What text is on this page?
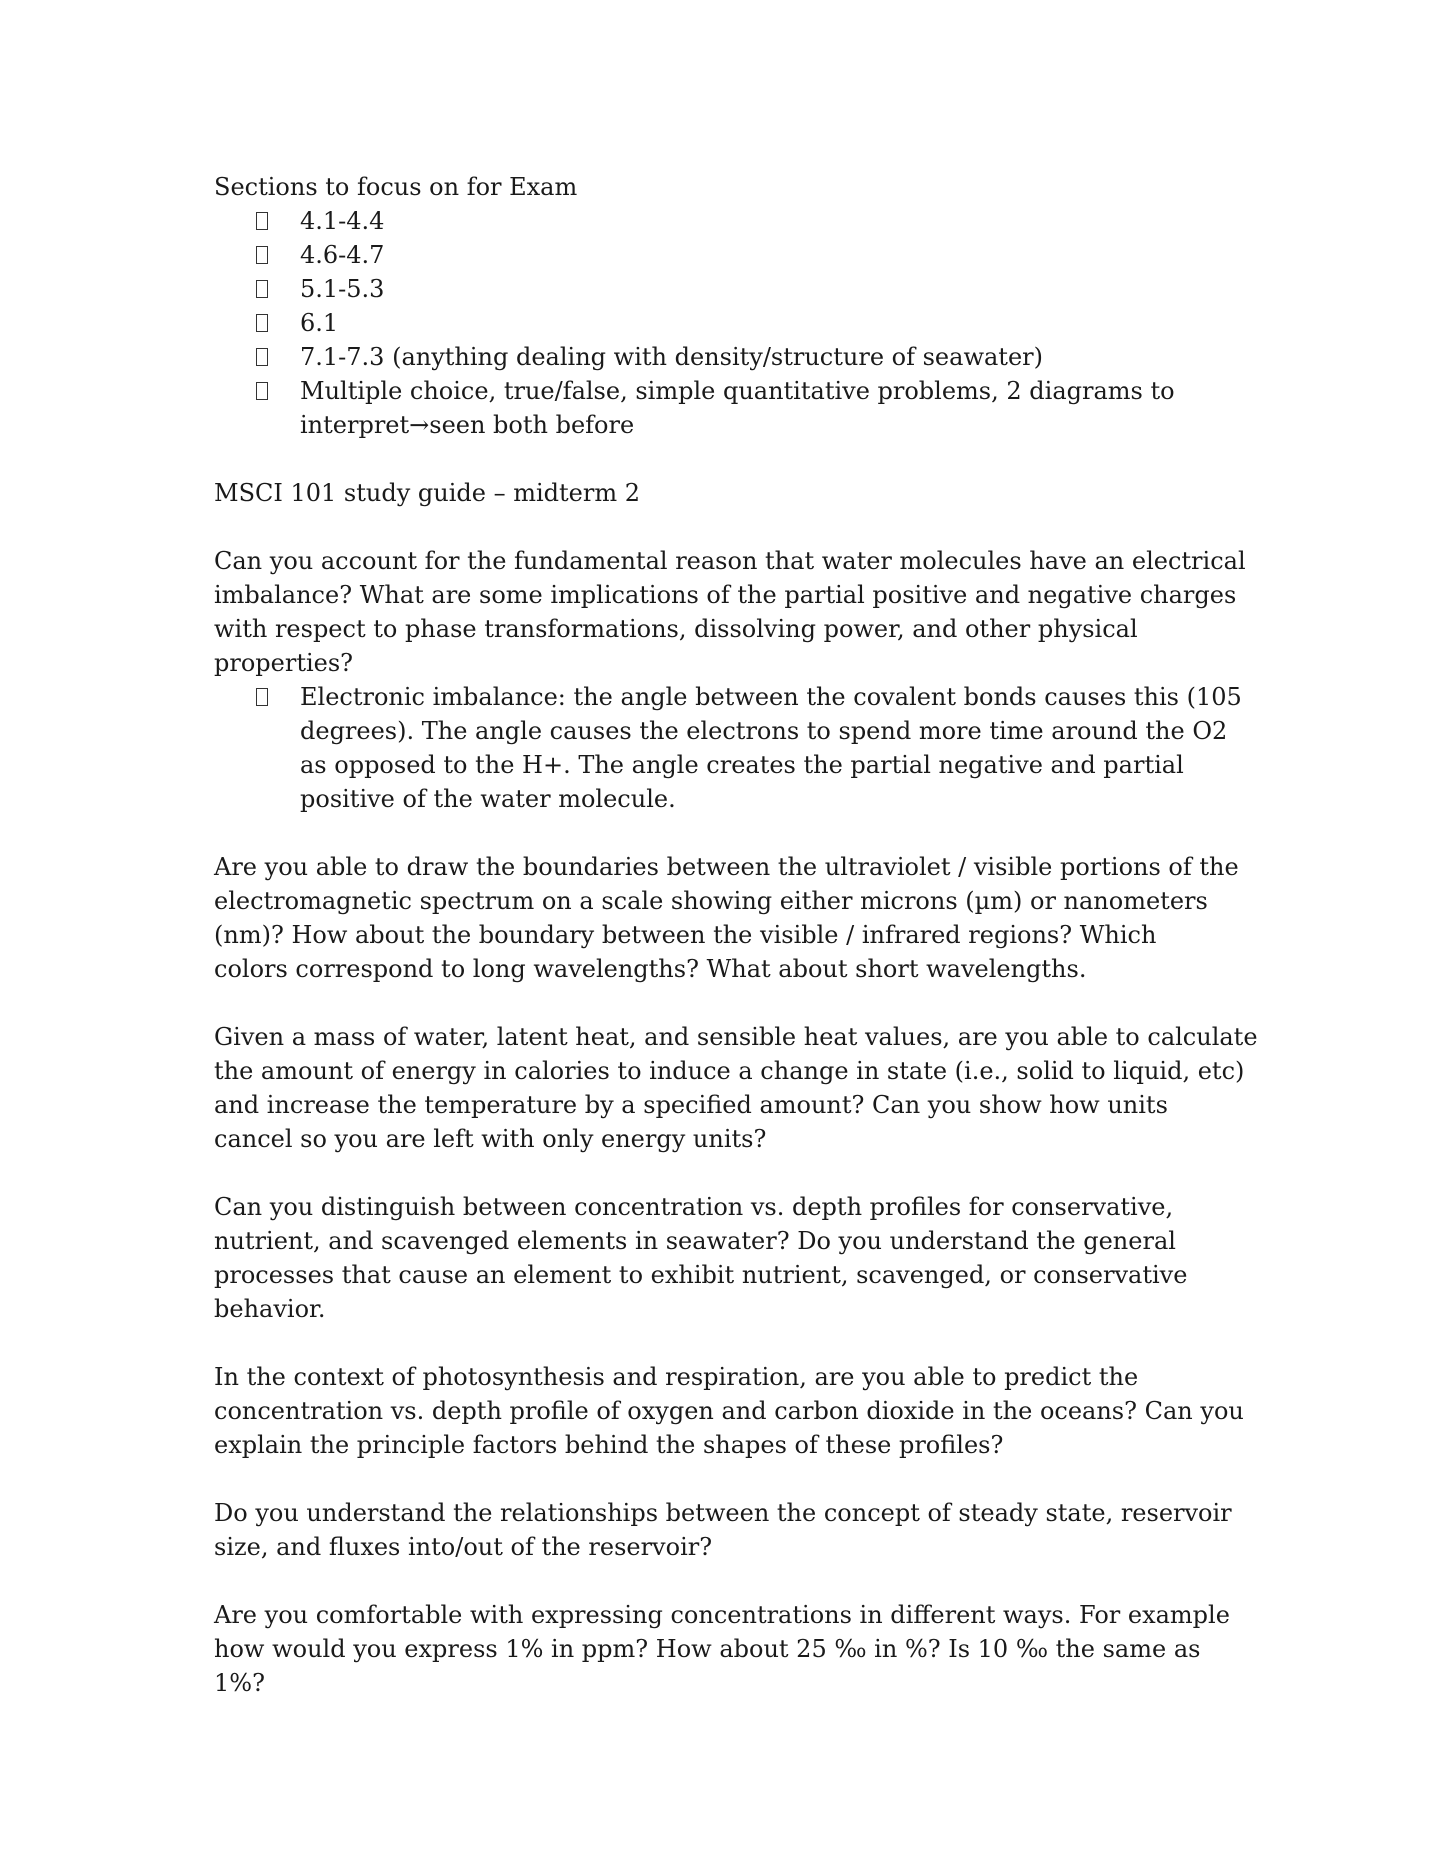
Sections to focus on for Exam

4.1-4.4
4.6-4.7
5.1-5.3
6.1
7.1-7.3 (anything dealing with density/structure of seawater)
Multiple choice, true/false, simple quantitative problems, 2 diagrams to
interpret→seen both before

MSCI 101 study guide – midterm 2

Can you account for the fundamental reason that water molecules have an electrical
imbalance? What are some implications of the partial positive and negative charges
with respect to phase transformations, dissolving power, and other physical
properties?

Electronic imbalance: the angle between the covalent bonds causes this (105
degrees). The angle causes the electrons to spend more time around the O2
as opposed to the H+. The angle creates the partial negative and partial
positive of the water molecule.

Are you able to draw the boundaries between the ultraviolet / visible portions of the
electromagnetic spectrum on a scale showing either microns (µm) or nanometers
(nm)? How about the boundary between the visible / infrared regions? Which
colors correspond to long wavelengths? What about short wavelengths.

Given a mass of water, latent heat, and sensible heat values, are you able to calculate
the amount of energy in calories to induce a change in state (i.e., solid to liquid, etc)
and increase the temperature by a specified amount? Can you show how units
cancel so you are left with only energy units?

Can you distinguish between concentration vs. depth profiles for conservative,
nutrient, and scavenged elements in seawater? Do you understand the general
processes that cause an element to exhibit nutrient, scavenged, or conservative
behavior.

In the context of photosynthesis and respiration, are you able to predict the
concentration vs. depth profile of oxygen and carbon dioxide in the oceans? Can you
explain the principle factors behind the shapes of these profiles?

Do you understand the relationships between the concept of steady state, reservoir
size, and fluxes into/out of the reservoir?

Are you comfortable with expressing concentrations in different ways. For example
how would you express 1% in ppm? How about 25 ‰ in %? Is 10 ‰ the same as
1%?
